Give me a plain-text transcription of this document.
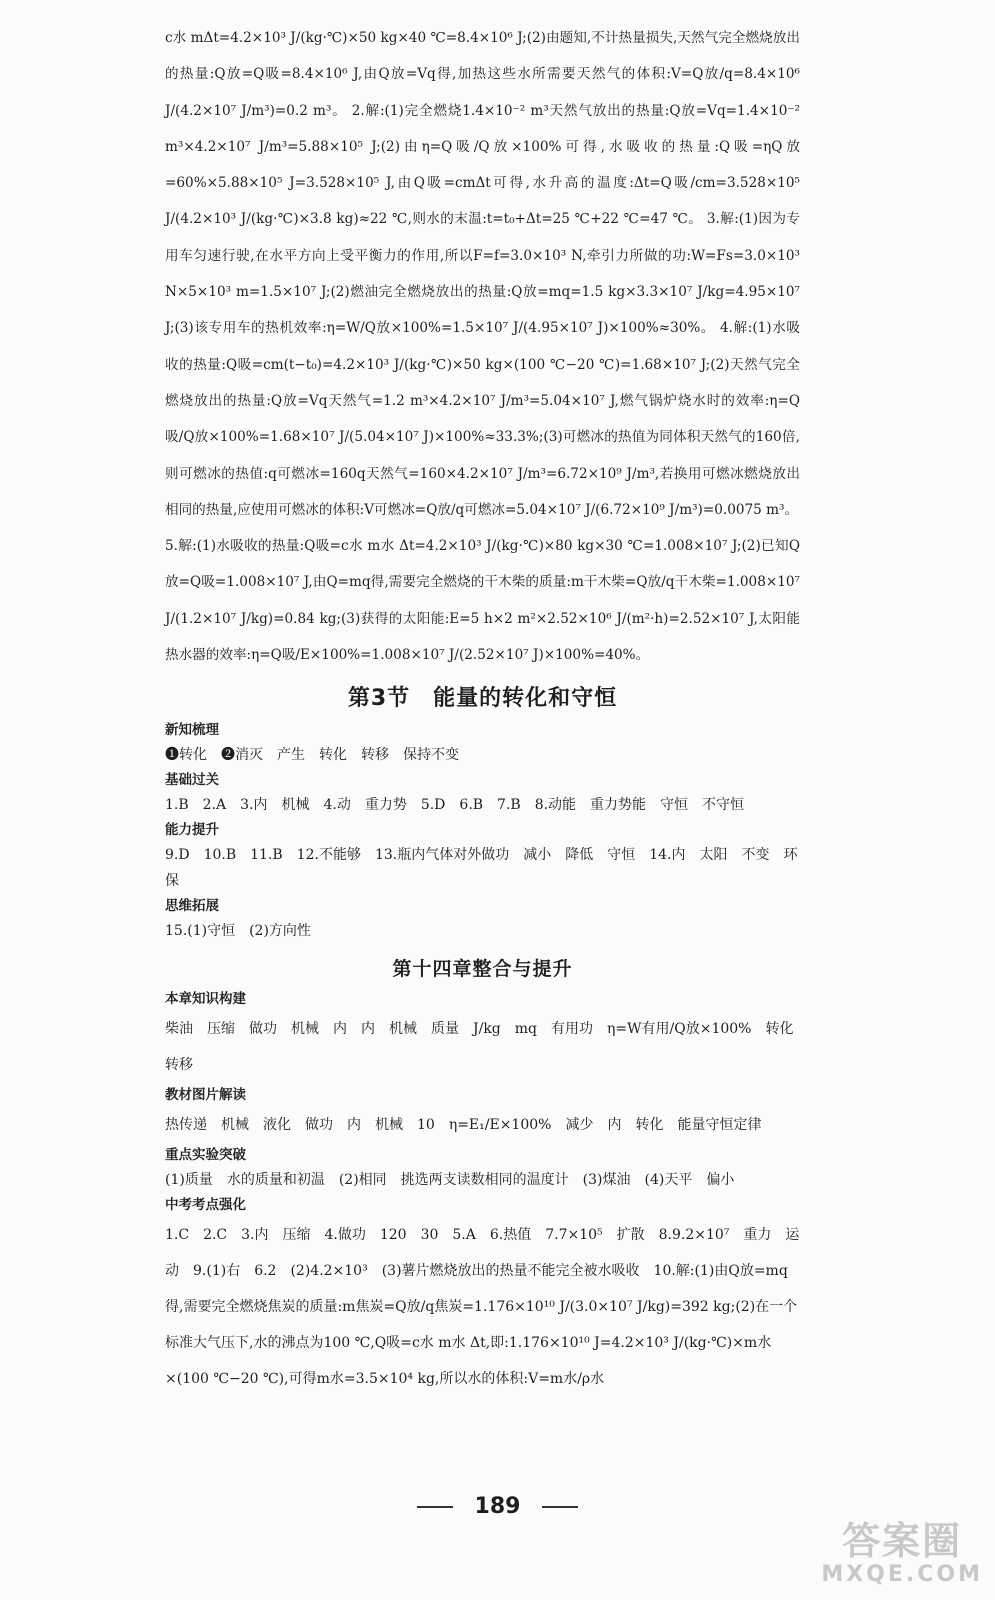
c水 mΔt=4.2×10³ J/(kg·℃)×50 kg×40 ℃=8.4×10⁶ J;(2)由题知,不计热量损失,天然气完全燃烧放出的热量:Q放=Q吸=8.4×10⁶ J,由Q放=Vq得,加热这些水所需要天然气的体积:V=Q放/q=8.4×10⁶ J/(4.2×10⁷ J/m³)=0.2 m³。 2.解:(1)完全燃烧1.4×10⁻² m³天然气放出的热量:Q放=Vq=1.4×10⁻² m³×4.2×10⁷ J/m³=5.88×10⁵ J;(2)由η=Q吸/Q放×100%可得,水吸收的热量:Q吸=ηQ放=60%×5.88×10⁵ J=3.528×10⁵ J,由Q吸=cmΔt可得,水升高的温度:Δt=Q吸/cm=3.528×10⁵ J/(4.2×10³ J/(kg·℃)×3.8 kg)≈22 ℃,则水的末温:t=t₀+Δt=25 ℃+22 ℃=47 ℃。 3.解:(1)因为专用车匀速行驶,在水平方向上受平衡力的作用,所以F=f=3.0×10³ N,牵引力所做的功:W=Fs=3.0×10³ N×5×10³ m=1.5×10⁷ J;(2)燃油完全燃烧放出的热量:Q放=mq=1.5 kg×3.3×10⁷ J/kg=4.95×10⁷ J;(3)该专用车的热机效率:η=W/Q放×100%=1.5×10⁷ J/(4.95×10⁷ J)×100%≈30%。 4.解:(1)水吸收的热量:Q吸=cm(t−t₀)=4.2×10³ J/(kg·℃)×50 kg×(100 ℃−20 ℃)=1.68×10⁷ J;(2)天然气完全燃烧放出的热量:Q放=Vq天然气=1.2 m³×4.2×10⁷ J/m³=5.04×10⁷ J,燃气锅炉烧水时的效率:η=Q吸/Q放×100%=1.68×10⁷ J/(5.04×10⁷ J)×100%≈33.3%;(3)可燃冰的热值为同体积天然气的160倍,则可燃冰的热值:q可燃冰=160q天然气=160×4.2×10⁷ J/m³=6.72×10⁹ J/m³,若换用可燃冰燃烧放出相同的热量,应使用可燃冰的体积:V可燃冰=Q放/q可燃冰=5.04×10⁷ J/(6.72×10⁹ J/m³)=0.0075 m³。

5.解:(1)水吸收的热量:Q吸=c水 m水 Δt=4.2×10³ J/(kg·℃)×80 kg×30 ℃=1.008×10⁷ J;(2)已知Q放=Q吸=1.008×10⁷ J,由Q=mq得,需要完全燃烧的干木柴的质量:m干木柴=Q放/q干木柴=1.008×10⁷ J/(1.2×10⁷ J/kg)=0.84 kg;(3)获得的太阳能:E=5 h×2 m²×2.52×10⁶ J/(m²·h)=2.52×10⁷ J,太阳能热水器的效率:η=Q吸/E×100%=1.008×10⁷ J/(2.52×10⁷ J)×100%=40%。

第3节　能量的转化和守恒

新知梳理

❶转化　❷消灭　产生　转化　转移　保持不变

基础过关

1.B　2.A　3.内　机械　4.动　重力势　5.D　6.B　7.B　8.动能　重力势能　守恒　不守恒

能力提升

9.D　10.B　11.B　12.不能够　13.瓶内气体对外做功　减小　降低　守恒　14.内　太阳　不变　环保

思维拓展

15.(1)守恒　(2)方向性

第十四章整合与提升

本章知识构建

柴油　压缩　做功　机械　内　内　机械　质量　J/kg　mq　有用功　η=W有用/Q放×100%　转化　转移

教材图片解读

热传递　机械　液化　做功　内　机械　10　η=E₁/E×100%　减少　内　转化　能量守恒定律

重点实验突破

(1)质量　水的质量和初温　(2)相同　挑选两支读数相同的温度计　(3)煤油　(4)天平　偏小

中考考点强化

1.C　2.C　3.内　压缩　4.做功　120　30　5.A　6.热值　7.7×10⁵　扩散　8.9.2×10⁷　重力　运动　9.(1)右　6.2　(2)4.2×10³　(3)薯片燃烧放出的热量不能完全被水吸收　10.解:(1)由Q放=mq得,需要完全燃烧焦炭的质量:m焦炭=Q放/q焦炭=1.176×10¹⁰ J/(3.0×10⁷ J/kg)=392 kg;(2)在一个标准大气压下,水的沸点为100 ℃,Q吸=c水 m水 Δt,即:1.176×10¹⁰ J=4.2×10³ J/(kg·℃)×m水×(100 ℃−20 ℃),可得m水=3.5×10⁴ kg,所以水的体积:V=m水/ρ水

189
答案圈
MXQE.COM
